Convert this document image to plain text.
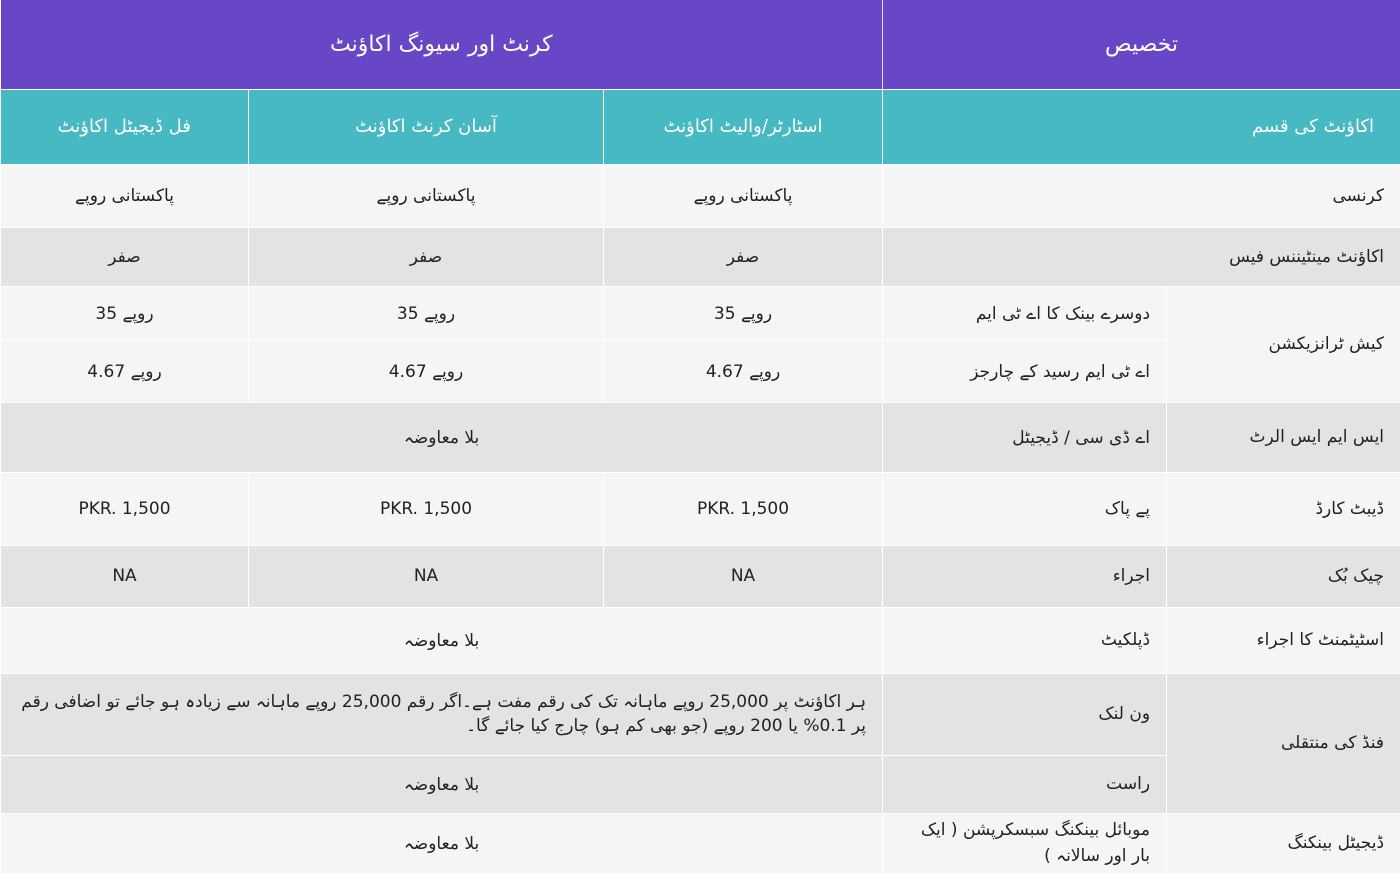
کرنٹ اور سیونگ اکاؤنٹ			تخصیص	
فل ڈیجیٹل اکاؤنٹ	آسان کرنٹ اکاؤنٹ	اسٹارٹر/والیٹ اکاؤنٹ	اکاؤنٹ کی قسم	
پاکستانی روپے	پاکستانی روپے	پاکستانی روپے	کرنسی	
صفر	صفر	صفر	اکاؤنٹ مینٹیننس فیس	
35 روپے	35 روپے	35 روپے	دوسرے بینک کا اے ٹی ایم	کیش ٹرانزیکشن
4.67 روپے	4.67 روپے	4.67 روپے	اے ٹی ایم رسید کے چارجز	
بلا معاوضہ			اے ڈی سی / ڈیجیٹل	ایس ایم ایس الرٹ
PKR. 1,500	PKR. 1,500	PKR. 1,500	پے پاک	ڈیبٹ کارڈ
NA	NA	NA	اجراء	چیک بُک
بلا معاوضہ			ڈپلکیٹ	اسٹیٹمنٹ کا اجراء
ہر اکاؤنٹ پر 25,000 روپے ماہانہ تک کی رقم مفت ہے۔اگر رقم 25,000 روپے ماہانہ سے زیادہ ہو جائے تو اضافی رقم پر 0.1% یا 200 روپے (جو بھی کم ہو) چارج کیا جائے گا۔			ون لنک	فنڈ کی منتقلی
بلا معاوضہ			راست	
بلا معاوضہ			موبائل بینکنگ سبسکرپشن ( ایک بار اور سالانہ )	ڈیجیٹل بینکنگ
